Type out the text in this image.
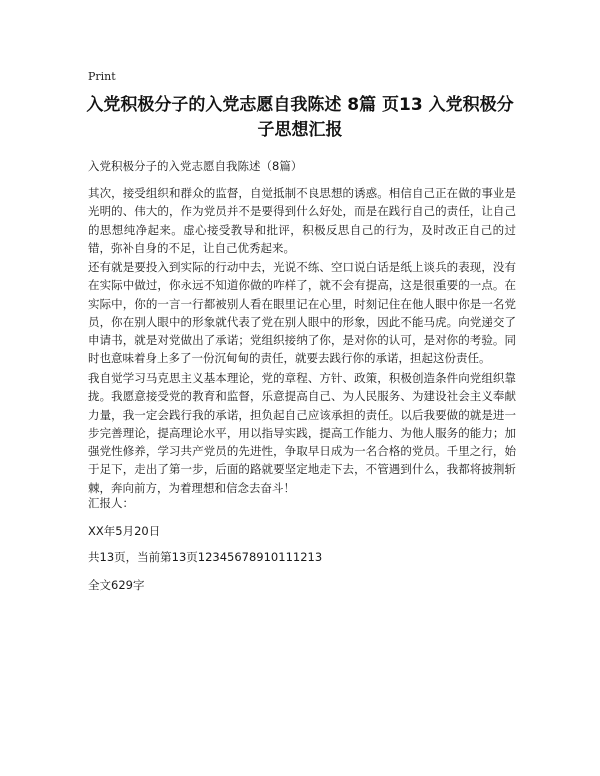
Print
入党积极分子的入党志愿自我陈述 8篇 页13 入党积极分子思想汇报

入党积极分子的入党志愿自我陈述（8篇）

其次，接受组织和群众的监督，自觉抵制不良思想的诱惑。相信自己正在做的事业是光明的、伟大的，作为党员并不是要得到什么好处，而是在践行自己的责任，让自己的思想纯净起来。虚心接受教导和批评，积极反思自己的行为，及时改正自己的过错，弥补自身的不足，让自己优秀起来。

还有就是要投入到实际的行动中去，光说不练、空口说白话是纸上谈兵的表现，没有在实际中做过，你永远不知道你做的咋样了，就不会有提高，这是很重要的一点。在实际中，你的一言一行都被别人看在眼里记在心里，时刻记住在他人眼中你是一名党员，你在别人眼中的形象就代表了党在别人眼中的形象，因此不能马虎。向党递交了申请书，就是对党做出了承诺；党组织接纳了你，是对你的认可，是对你的考验。同时也意味着身上多了一份沉甸甸的责任，就要去践行你的承诺，担起这份责任。

我自觉学习马克思主义基本理论，党的章程、方针、政策，积极创造条件向党组织靠拢。我愿意接受党的教育和监督，乐意提高自己、为人民服务、为建设社会主义奉献力量，我一定会践行我的承诺，担负起自己应该承担的责任。以后我要做的就是进一步完善理论，提高理论水平，用以指导实践，提高工作能力、为他人服务的能力；加强党性修养，学习共产党员的先进性，争取早日成为一名合格的党员。千里之行，始于足下，走出了第一步，后面的路就要坚定地走下去，不管遇到什么，我都将披荆斩棘，奔向前方，为着理想和信念去奋斗！

汇报人：

XX年5月20日

共13页，当前第13页12345678910111213

全文629字
